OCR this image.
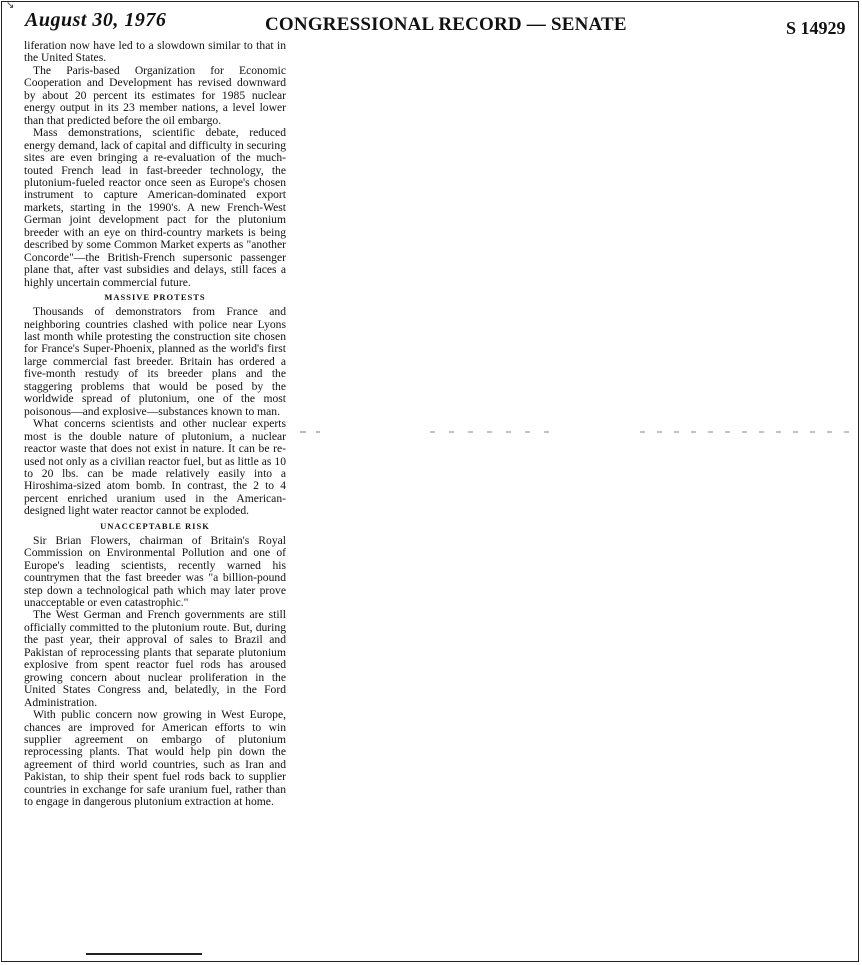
↘
August 30, 1976	CONGRESSIONAL RECORD — SENATE	S 14929

liferation now have led to a slowdown similar to that in the United States.

The Paris-based Organization for Economic Cooperation and Development has revised downward by about 20 percent its estimates for 1985 nuclear energy output in its 23 member nations, a level lower than that predicted before the oil embargo.

Mass demonstrations, scientific debate, reduced energy demand, lack of capital and difficulty in securing sites are even bringing a re-evaluation of the much-touted French lead in fast-breeder technology, the plutonium-fueled reactor once seen as Europe's chosen instrument to capture American-dominated export markets, starting in the 1990's. A new French-West German joint development pact for the plutonium breeder with an eye on third-country markets is being described by some Common Market experts as "another Concorde"—the British-French supersonic passenger plane that, after vast subsidies and delays, still faces a highly uncertain commercial future.

MASSIVE PROTESTS

Thousands of demonstrators from France and neighboring countries clashed with police near Lyons last month while protesting the construction site chosen for France's Super-Phoenix, planned as the world's first large commercial fast breeder. Britain has ordered a five-month restudy of its breeder plans and the staggering problems that would be posed by the worldwide spread of plutonium, one of the most poisonous—and explosive—substances known to man.

What concerns scientists and other nuclear experts most is the double nature of plutonium, a nuclear reactor waste that does not exist in nature. It can be re-used not only as a civilian reactor fuel, but as little as 10 to 20 lbs. can be made relatively easily into a Hiroshima-sized atom bomb. In contrast, the 2 to 4 percent enriched uranium used in the American-designed light water reactor cannot be exploded.

UNACCEPTABLE RISK

Sir Brian Flowers, chairman of Britain's Royal Commission on Environmental Pollution and one of Europe's leading scientists, recently warned his countrymen that the fast breeder was "a billion-pound step down a technological path which may later prove unacceptable or even catastrophic."

The West German and French governments are still officially committed to the plutonium route. But, during the past year, their approval of sales to Brazil and Pakistan of reprocessing plants that separate plutonium explosive from spent reactor fuel rods has aroused growing concern about nuclear proliferation in the United States Congress and, belatedly, in the Ford Administration.

With public concern now growing in West Europe, chances are improved for American efforts to win supplier agreement on embargo of plutonium reprocessing plants. That would help pin down the agreement of third world countries, such as Iran and Pakistan, to ship their spent fuel rods back to supplier countries in exchange for safe uranium fuel, rather than to engage in dangerous plutonium extraction at home.
